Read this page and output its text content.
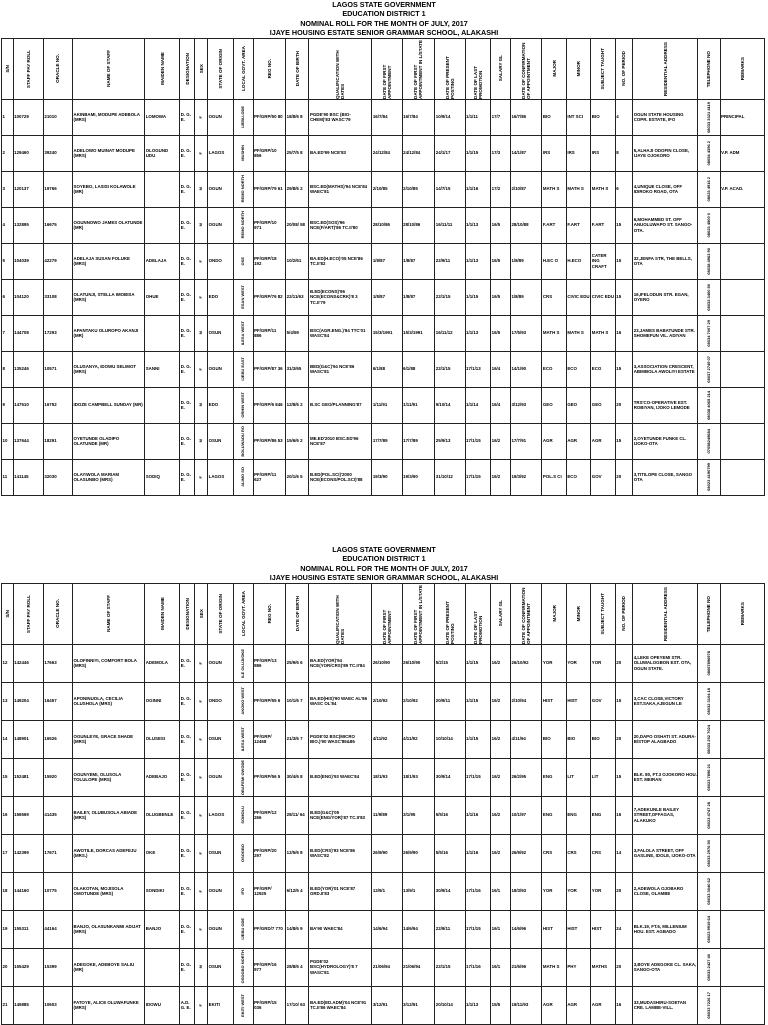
LAGOS STATE GOVERNMENT
EDUCATION DISTRICT 1
NOMINAL ROLL FOR THE MONTH OF JULY, 2017
IJAYE HOUSING ESTATE SENIOR GRAMMAR SCHOOL, ALAKASHI
S/N	STAFF PAY ROLL	ORACLE NO.	NAME OF STAFF	MAIDEN NAME	DESIGNATION	SEX	STATE OF ORIGIN	LOCAL GOVT. AREA	REG NO.	DATE OF BIRTH	QUALIFICATION WITH DATES	DATE OF FIRST APPOINTMENT	DATE OF FIRST APPOINTMENT IN L/STATE	DATE OF PRESENT POSTING	DATE OF LAST PROMOTION	SALARY GL	DATE OF CONFIRMATION OF APPOINTMENT	MAJOR	MINOR	SUBJECT TAUGHT	NO. OF PERIOD	RESIDENTIAL ADDRESS	TELEPHONE NO	REMARKS

1	100729	21010	AKINBAMI, MODUPE ADEBOLA (MRS)	LOMOWA	D. G. E.	F	OGUN	IJEBU-ODE	PF/GRP/50 80	18/8/6 8	PGDE'90 BSC (BIO-CHEM)'83 WASC'79	16/7/84	16/7/84	10/9/14	1/1/11	17/7	16/7/86	BIO	INT SCI	BIO	4	OGUN STATE HOUSING COPR. ESTATE, IFO	08033 3321 4119	PRINCIPAL
2	129460	39240	ADELOWO MUINAT MODUPE (MRS)	OLOGUND UDU	D. G. E.	F	LAGOS	MUSHIN	PF/GRP/10 856	25/7/5 8	BA.ED'99 NCE'83	24/12/84	24/12/84	24/1/17	1/1/15	17/3	14/1/87	IRS	IRS	IRS	8	5,ALHAJI ODOFIN CLOSE, IJAYE OJOKORO	08054 4396 2	V.P. ADM
3	120137	19766	SOYEBO, LASISI KOLAWOLE (MR)		D. G. E.	M	OGUN	REMO NORTH	PF/GRP/79 61	29/8/6 2	BSC.ED(MATHS)'94 NCE'84 WAEC'81	2/10/85	2/10/85	14/7/15	1/1/16	17/2	2/10/87	MATH S	MATH S	MATH S	6	4,UNIQUE CLOSE, OFF IDIROKO ROAD, OTA	08023 4916 2	V.P. ACAD.
4	132895	16675	OGUNNOWO JAMES OLATUNDE (MR)		D. G. E.	M	OGUN	REMO NORTH	PF/GRP/10 971	20/08/ 58	BSC.ED(SOS)'96 NCE(F/ART)'86 TC.II'80	28/10/86	28/10/86	16/11/11	1/1/13	16/5	28/10/88	F.ART	F.ART	F.ART	15	6,MOHAMMED ST. OFF ANUOLUWAPO ST. SANGO-OTA.	08023 4500 0	

5	104039	42279	ADELAJA SUSAN FOLUKE (MRS)	ADELAJA	D. G. E.	F	ONDO	OSE	PF/GRP/18 192	10/2/61	BA.ED(H.ECO)'05 NCE'86 TC.II'82	1/8/87	1/8/87	22/9/11	1/1/13	16/5	1/8/89	H.EC O	H.ECO	CATER ING CRAFT	15	32,JENFA STR, THE BELLS, OTA	08038 4963 90	

6	104120	33108	OLATUNJI, STELLA IMOBISA (MRS)	OHUE	D. G. E.	F	EDO	ESAN WEST	PF/GRP/76 82	22/11/63	B.ED(ECONS)'96 NCE(ECONS&CRK)'8 3 TC.II'79	1/8/87	1/8/87	22/1/15	1/1/15	16/5	1/8/89	CRS	CIVIC EDU	CIVIC EDU	15	16,IFELODUN STR. EGAN, OYERO	08033 3400 50	

7	144708	17293	APANTAKU OLUROPO AKANJI (MR)		D. G. E.	M	OSUN	ILESA WEST	PF/GRP/11 886	5/4/59	BSC(AGR.ENG.)'84 TTC'01 WASC'84	15/3/1991	15/3/1991	16/11/12	1/1/13	16/5	17/5/93	MATH S	MATH S	MATH S	16	23,JAMES BABATUNDE STR. SHOMEFUN VIL. ADIYAN	08034 7007 29	

8	135246	10571	OLUSANYA, IDOWU SELIMOT (MRS)	SANNI	D. G. E.	F	OGUN	IJEBU EAST	PF/GRP/87 36	31/3/65	BED(G&C)'94 NCE'86 WASC'81	6/1/88	6/1/88	22/1/15	17/1/13	16/4	14/1/90	ECO	ECO	ECO	15	3,ASSOCIATION CRESCENT, ABIMBOLA AWOLIYI ESTATE	08037 2749 07	

9	147510	16752	IDOZE CAMPBELL SUNDAY (MR)		D. G. E.	M	EDO	ORHIN WEST	PF/GRP/6 846	12/8/6 2	B.SC GEO/PLANNING'87	1/11/91	1/11/91	9/10/14	1/1/14	16/4	3/12/93	GEO	GEO	GEO	20	TRS'CO-OPERATIVE EST. ROBIYAN, IJOKO LEMODE	08038 4065 214	

10	137644	18291	OYETUNDE OLADIPO OLATUNDE (MR)		D. G. E.	M	OSUN	BOLUWADU RO	PF/GRP/86 53	15/6/6 2	ME.ED'2010 BSC.ED'96 NCE'87	17/7/89	17/7/89	25/9/13	17/1/15	16/2	17/7/91	AGR	AGR	AGR	15	2,OYETUNDE FUNKE CL. IJOKO-OTA	07058249684	

11	141145	32030	OLAYIWOLA MARIAM OLASUNBO (MRS)	SODIQ	D. G. E.	F	LAGOS	ALIMO SO	PF/GRP/11 627	20/1/6 5	B.ED(POL.SCI)'2000 NCE(ECONS/POL.SCI)'88	19/3/90	19/3/90	31/10/12	17/1/15	16/2	19/3/92	POL.S CI	ECO	GOV	20	3,TITILOPE CLOSE, SANGO OTA	08023 4190799	

LAGOS STATE GOVERNMENT
EDUCATION DISTRICT 1
NOMINAL ROLL FOR THE MONTH OF JULY, 2017
IJAYE HOUSING ESTATE SENIOR GRAMMAR SCHOOL, ALAKASHI
S/N	STAFF PAY ROLL	ORACLE NO.	NAME OF STAFF	MAIDEN NAME	DESIGNATION	SEX	STATE OF ORIGIN	LOCAL GOVT. AREA	REG NO.	DATE OF BIRTH	QUALIFICATION WITH DATES	DATE OF FIRST APPOINTMENT	DATE OF FIRST APPOINTMENT IN L/STATE	DATE OF PRESENT POSTING	DATE OF LAST PROMOTION	SALARY GL	DATE OF CONFIRMATION OF APPOINTMENT	MAJOR	MINOR	SUBJECT TAUGHT	NO. OF PERIOD	RESIDENTIAL ADDRESS	TELEPHONE NO	REMARKS

12	142446	17663	OLOFINNIYI, COMFORT BOLA (MRS)	ADEMOLA	D. G. E.	F	OGUN	ILE OLUJI/OKE	PF/GRP/13 986	25/9/6 6	BA.ED(YOR)'94 NCE(YOR/CRS)'89 TC.II'84	26/10/90	26/10/90	5/2/15	1/1/15	16/2	26/10/92	YOR	YOR	YOR	20	4,LEKE OPEYEMI STR. OLUWALOGBON EST. OTA, OGUN STATE.	08067896978	

13	149204	16457	APONINUOLA, CECILIA OLUSHOLA (MRS)	OGINNI	D. G. E.	F	ONDO	AKOKO WEST	PF/GRP/55 6	10/1/6 7	BA.ED(HIS)'90 WAEC AL'86 WASC OL'84	2/10/92	2/10/92	20/9/11	1/1/15	16/2	2/10/94	HIST	HIST	GOV	15	3,CAC CLOSE,VICTORY EST.SAKA,AJEGUN LE	08032 3104 18	

14	148901	16526	OGUNLEYE, GRACE SHADE (MRS)	OLUSESI	D. G. E.	F	OSUN	ILESA WEST	PF/GRP/ 12468	21/3/6 7	PGDE'02 BSC(MICRO BIO.)'90 WASC'85&86	4/11/92	4/11/92	10/10/14	1/1/15	16/2	4/11/94	BIO	BIO	BIO	20	20,DAPO OSHATI ST. ADURA-B/STOP ALAGBADO	08033 252 7024	

15	152481	15920	OGUNYEMI, OLUSOLA TOLULOPE (MRS)	ADEBAJO	D. G. E.	F	OGUN	OBAFEMI OWODE	PF/GRP/56 5	30/4/6 8	B.ED(ENG)'93 WAEC'84	18/1/93	18/1/93	30/9/14	17/1/15	16/2	26/2/95	ENG	LIT	LIT	15	BLK. 80, FT.3 OJOKORO HOU. EST. MEIRAN	08023 7896 21	

16	156569	41435	BAILEY, OLUBUSOLA ABIADE (MRS)	OLUGBENLE	D. G. E.	F	LAGOS	SOMOLU	PF/GRP/12 266	28/11/ 64	B.ED(G&C)'05 NCE(ENG/YOR)'87 TC.II'83	11/9/89	3/1/95	5/5/16	1/1/16	16/2	10/1/97	ENG	ENG	ENG	16	7,ADEKUNLE BAILEY STREET,OFFAGAS, ALAKUKO	08023 4747 28	

17	142399	17671	AWOTILE, DORCAS ADEFEJU (MRS.)	OKE	D. G. E.	F	OSUN	OSOGBO	PF/GRP/20 297	12/5/6 8	B.ED(CRS)'93 NCE'86 WASC'82	26/9/90	26/9/90	5/5/16	1/1/16	16/2	26/9/92	CRS	CRS	CRS	14	3,FALOLA STREET, OFF GASLINE, IDOLE, IJOKO-OTA	08033 2976 50	

18	144160	10775	OLAKOTAN, MOJISOLA OMOTUNDE (MRS)	SONDIKI	D. G. E.	F	OGUN	IFO	PF/GRP/ 12925	6/12/6 4	B.ED(YOR)'01 NCE'87 GRD.II'83	13/9/1	13/9/1	30/9/14	17/1/16	16/1	18/3/93	YOR	YOR	YOR	20	2,ADEWOLA OJOBARO CLOSE, OLAMBE	08033 3040 62	

19	155311	44164	BANJO, OLASUNKANMI ADIJAT (MRS)	BANJO	D. G. E.	F	OGUN	IJEBU ODE	PF/GRD/7 770	14/8/6 9	BA'90 WAEC'84	14/6/94	14/6/94	22/9/11	17/1/15	16/1	14/6/96	HIST	HIST	HIST	24	BLK.19, FT.6, MILLENIUM HOU. EST. AGBADO	08023 9919 64	

20	155429	15399	ADEGOKE, ADEBOYE SALIU (MR)		D. G. E.	M	OSUN	OSOGBO NORTH	PF/GRP/16 977	28/8/6 4	PGDE'02 BSC(HYDROLOGY)'8 7 WASC'81	21/06/94	21/06/94	22/1/15	17/1/16	16/1	21/6/96	MATH S	PHY	MATHS	20	3,BOYE ADEGOKE CL. SAKA, SANGO-OTA	08033 2427 40	

21	145885	10603	FATOYE, ALICE OLUWAFUNKE (MRS)	IDOWU	A.D. G. E.	F	EKITI	EKITI WEST	PF/GRP/15 036	17/10/ 63	BA.ED(ED.ADM)'04 NCE'91 TC.II'86 WAEC'84	3/12/91	3/12/91	20/10/14	1/1/13	15/5	19/11/93	AGR	AGR	AGR	16	33,MUDASHIRU-SOETAN CRE. LAMBE-VILL.	08033 7226 17	
